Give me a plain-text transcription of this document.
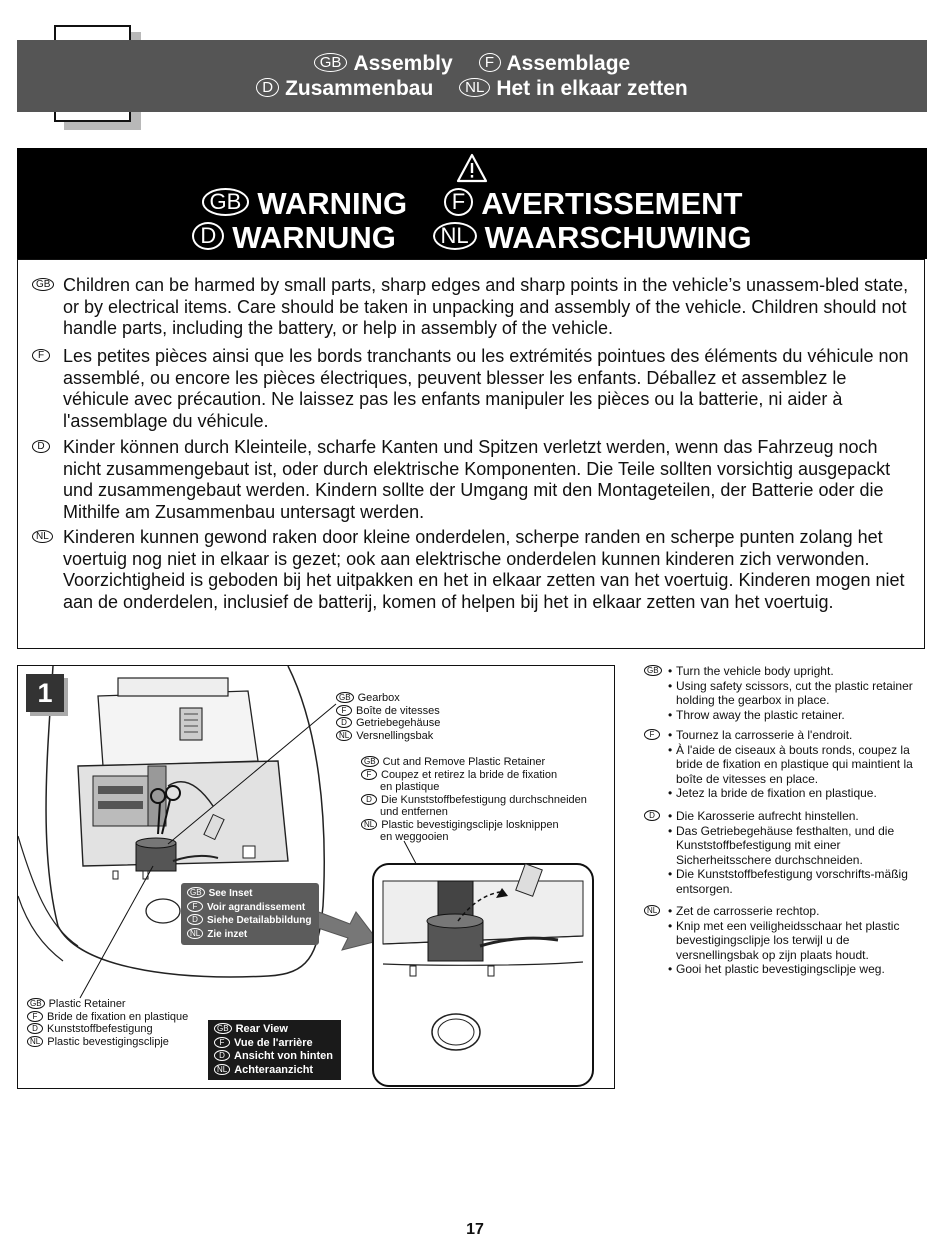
GB Assembly F Assemblage
D Zusammenbau NL Het in elkaar zetten
GB WARNING F AVERTISSEMENT
D WARNUNG NL WAARSCHUWING
GB Children can be harmed by small parts, sharp edges and sharp points in the vehicle’s unassem-bled state, or by electrical items. Care should be taken in unpacking and assembly of the vehicle. Children should not handle parts, including the battery, or help in assembly of the vehicle.
F	Les petites pièces ainsi que les bords tranchants ou les extrémités pointues des éléments du véhicule non assemblé, ou encore les pièces électriques, peuvent blesser les enfants. Déballez et assemblez le véhicule avec précaution. Ne laissez pas les enfants manipuler les pièces ou la batterie, ni aider à l'assemblage du véhicule.
D Kinder können durch Kleinteile, scharfe Kanten und Spitzen verletzt werden, wenn das Fahrzeug noch nicht zusammengebaut ist, oder durch elektrische Komponenten. Die Teile sollten vorsichtig ausgepackt und zusammengebaut werden. Kindern sollte der Umgang mit den Montageteilen, der Batterie oder die Mithilfe am Zusammenbau untersagt werden.
NL Kinderen kunnen gewond raken door kleine onderdelen, scherpe randen en scherpe punten zolang het voertuig nog niet in elkaar is gezet; ook aan elektrische onderdelen kunnen kinderen zich verwonden. Voorzichtigheid is geboden bij het uitpakken en het in elkaar zetten van het voertuig. Kinderen mogen niet aan de onderdelen, inclusief de batterij, komen of helpen bij het in elkaar zetten van het voertuig.
1	GB Gearbox
F Boîte de vitesses
D Getriebegehäuse
NL Versnellingsbak
GB Cut and Remove Plastic Retainer
F Coupez et retirez la bride de fixation
en plastique
D Die Kunststoffbefestigung durchschneiden
und entfernen
NL Plastic bevestigingsclipje losknippen
en weggooien
GB See Inset
F Voir agrandissement
D Siehe Detailabbildung
NL Zie inzet
GB Plastic Retainer
F Bride de fixation en plastique
D Kunststoffbefestigung
NL Plastic bevestigingsclipje
GB Rear View
F Vue de l'arrière
D Ansicht von hinten
NL Achteraanzicht
GB	• Turn the vehicle body upright.
• Using safety scissors, cut the plastic retainer holding the gearbox in place.
• Throw away the plastic retainer.
F	• Tournez la carrosserie à l'endroit.
• À l'aide de ciseaux à bouts ronds, coupez la bride de fixation en plastique qui maintient la boîte de vitesses en place.
• Jetez la bride de fixation en plastique.
D	• Die Karosserie aufrecht hinstellen.
• Das Getriebegehäuse festhalten, und die Kunststoffbefestigung mit einer Sicherheitsschere durchschneiden.
• Die Kunststoffbefestigung vorschrifts-mäßig entsorgen.
NL	• Zet de carrosserie rechtop.
• Knip met een veiligheidsschaar het plastic bevestigingsclipje los terwijl u de versnellingsbak op zijn plaats houdt.
• Gooi het plastic bevestigingsclipje weg.
17
